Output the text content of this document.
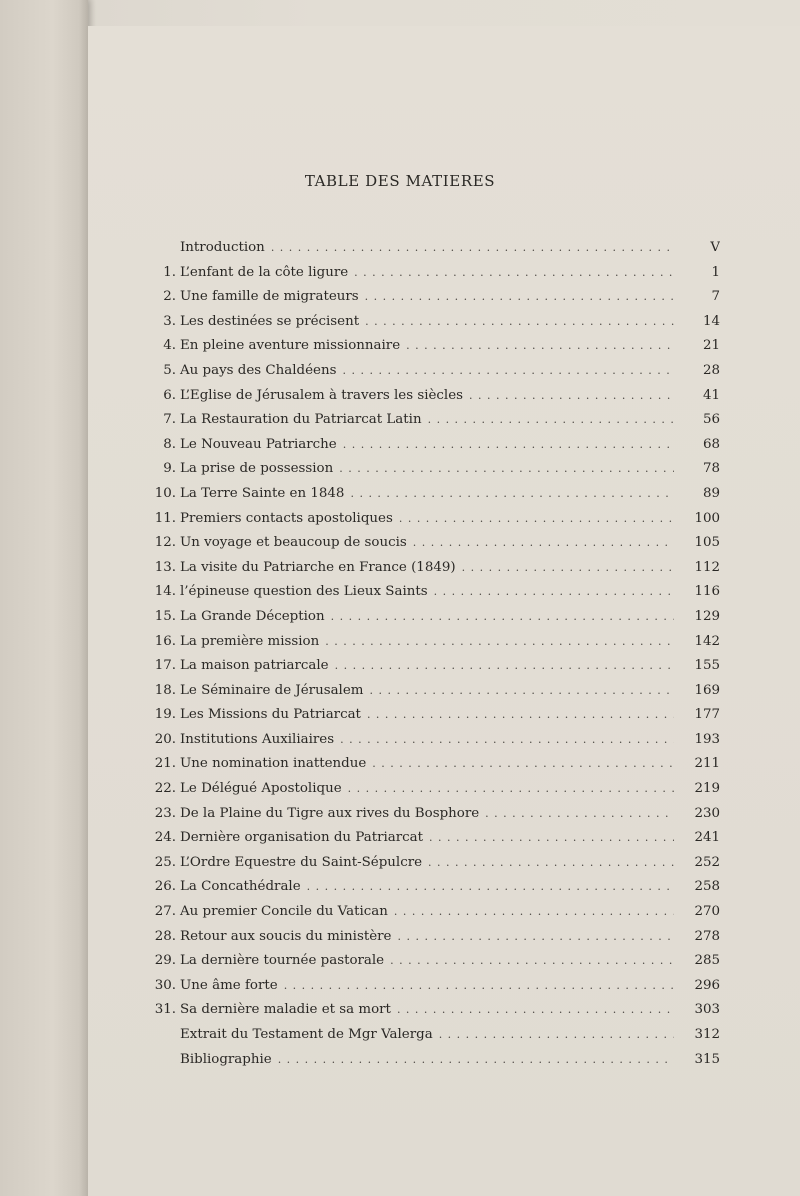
TABLE DES MATIERES
Introduction . . .	V
1. L’enfant de la côte ligure . . .	1
2. Une famille de migrateurs . . .	7
3. Les destinées se précisent . . .	14
4. En pleine aventure missionnaire . . .	21
5. Au pays des Chaldéens . . .	28
6. L’Eglise de Jérusalem à travers les siècles . . .	41
7. La Restauration du Patriarcat Latin . . .	56
8. Le Nouveau Patriarche . . .	68
9. La prise de possession . . .	78
10. La Terre Sainte en 1848 . . .	89
11. Premiers contacts apostoliques . . .	100
12. Un voyage et beaucoup de soucis . . .	105
13. La visite du Patriarche en France (1849) . . .	112
14. l’épineuse question des Lieux Saints . . .	116
15. La Grande Déception . . .	129
16. La première mission . . .	142
17. La maison patriarcale . . .	155
18. Le Séminaire de Jérusalem . . .	169
19. Les Missions du Patriarcat . . .	177
20. Institutions Auxiliaires . . .	193
21. Une nomination inattendue . . .	211
22. Le Délégué Apostolique . . .	219
23. De la Plaine du Tigre aux rives du Bosphore . . .	230
24. Dernière organisation du Patriarcat . . .	241
25. L’Ordre Equestre du Saint-Sépulcre . . .	252
26. La Concathédrale . . .	258
27. Au premier Concile du Vatican . . .	270
28. Retour aux soucis du ministère . . .	278
29. La dernière tournée pastorale . . .	285
30. Une âme forte . . .	296
31. Sa dernière maladie et sa mort . . .	303
Extrait du Testament de Mgr Valerga . . .	312
Bibliographie . . .	315
